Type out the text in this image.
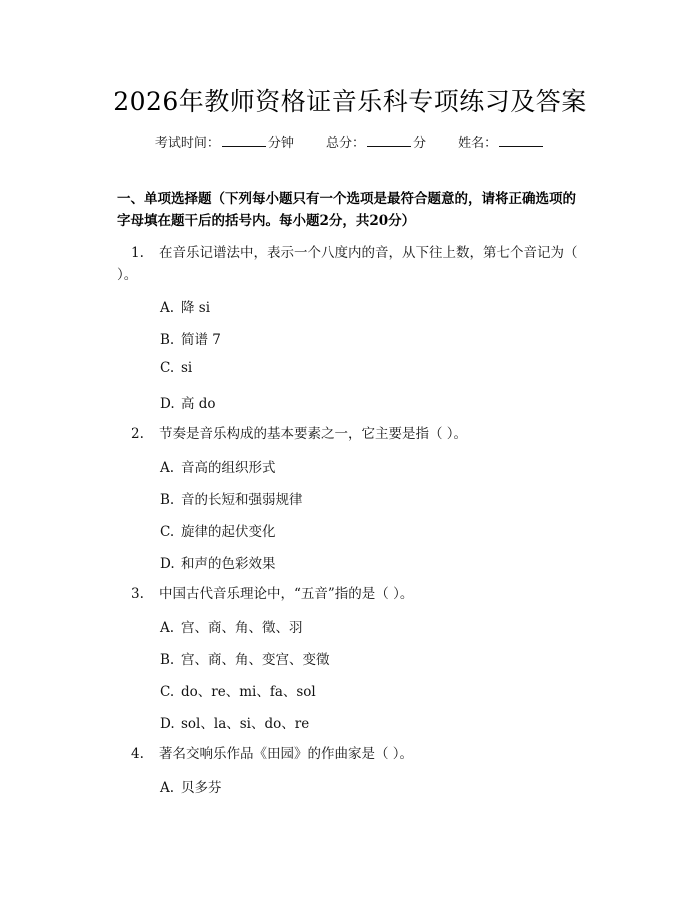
2026年教师资格证音乐科专项练习及答案
考试时间：	分钟 总分：	分 姓名：
一、单项选择题（下列每小题只有一个选项是最符合题意的，请将正确选项的字母填在题干后的括号内。每小题2分，共20分）
1. 在音乐记谱法中，表示一个八度内的音，从下往上数，第七个音记为（ ）。
A. 降 si
B. 简谱 7
C. si
D. 高 do
2. 节奏是音乐构成的基本要素之一，它主要是指（ ）。
A. 音高的组织形式
B. 音的长短和强弱规律
C. 旋律的起伏变化
D. 和声的色彩效果
3. 中国古代音乐理论中，“五音”指的是（ ）。
A. 宫、商、角、徵、羽
B. 宫、商、角、变宫、变徵
C. do、re、mi、fa、sol
D. sol、la、si、do、re
4. 著名交响乐作品《田园》的作曲家是（ ）。
A. 贝多芬
